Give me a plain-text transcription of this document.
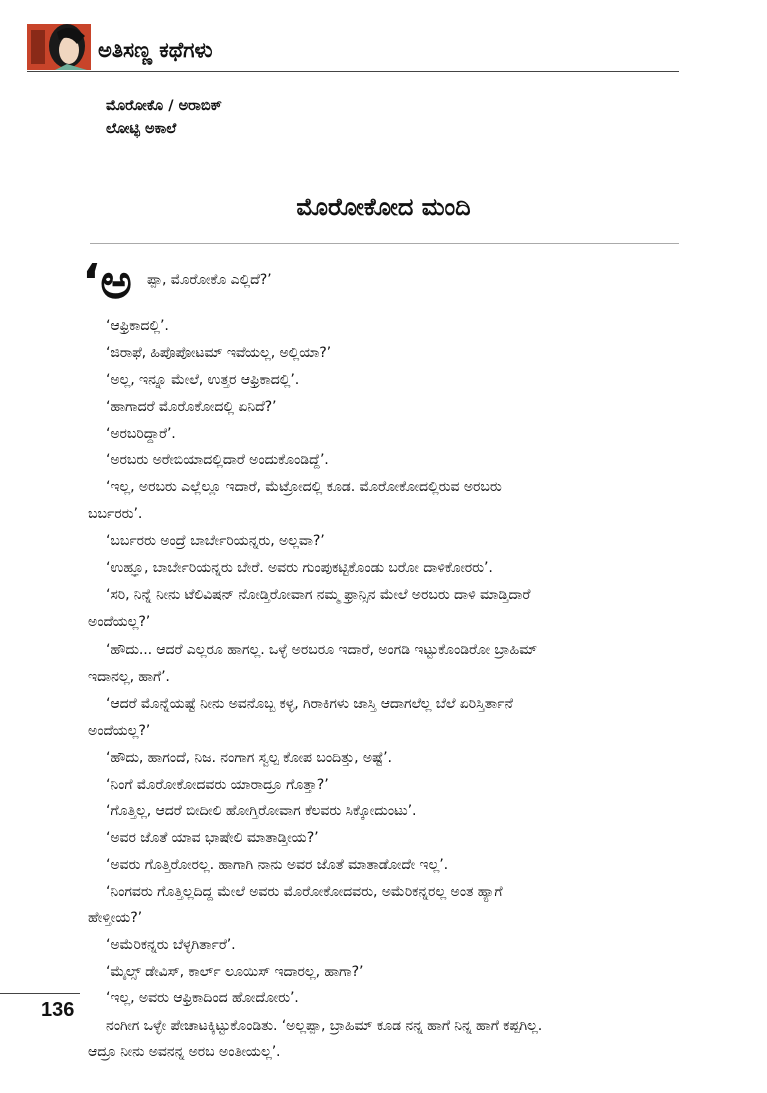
ಅತಿಸಣ್ಣ ಕಥೆಗಳು
ಮೊರೋಕೊ / ಅರಾಬಿಕ್
ಲೋಟ್ಫಿ ಅಕಾಲೆ
ಮೊರೋಕೋದ ಮಂದಿ
‘ಅ ಪ್ಪಾ, ಮೊರೋಕೊ ಎಲ್ಲಿದೆ?’
‘ಆಫ್ರಿಕಾದಲ್ಲಿ’.
‘ಜಿರಾಫೆ, ಹಿಪೊಪೋಟಮ್ ಇವೆಯಲ್ಲ, ಅಲ್ಲಿಯಾ?’
‘ಅಲ್ಲ, ಇನ್ನೂ ಮೇಲೆ, ಉತ್ತರ ಆಫ್ರಿಕಾದಲ್ಲಿ’.
‘ಹಾಗಾದರೆ ಮೊರೊಕೋದಲ್ಲಿ ಏನಿದೆ?’
‘ಅರಬರಿದ್ದಾರೆ’.
‘ಅರಬರು ಅರೇಬಿಯಾದಲ್ಲಿದಾರೆ ಅಂದುಕೊಂಡಿದ್ದೆ’.
‘ಇಲ್ಲ, ಅರಬರು ಎಲ್ಲೆಲ್ಲೂ ಇದಾರೆ, ಮೆಟ್ರೋದಲ್ಲಿ ಕೂಡ. ಮೊರೋಕೋದಲ್ಲಿರುವ ಅರಬರು
ಬರ್ಬರರು’.
‘ಬರ್ಬರರು ಅಂದ್ರೆ ಬಾರ್ಬೇರಿಯನ್ನರು, ಅಲ್ಲವಾ?’
‘ಉಹ್ಞೂ, ಬಾರ್ಬೇರಿಯನ್ನರು ಬೇರೆ. ಅವರು ಗುಂಪುಕಟ್ಟಿಕೊಂಡು ಬರೋ ದಾಳಿಕೋರರು’.
‘ಸರಿ, ನಿನ್ನೆ ನೀನು ಟೆಲಿವಿಷನ್ ನೋಡ್ತಿರೋವಾಗ ನಮ್ಮ ಫ್ರಾನ್ಸಿನ ಮೇಲೆ ಅರಬರು ದಾಳಿ ಮಾಡ್ತಿದಾರೆ
ಅಂದೆಯಲ್ಲ?’
‘ಹೌದು... ಆದರೆ ಎಲ್ಲರೂ ಹಾಗಲ್ಲ. ಒಳ್ಳೆ ಅರಬರೂ ಇದಾರೆ, ಅಂಗಡಿ ಇಟ್ಟುಕೊಂಡಿರೋ ಬ್ರಾಹಿಮ್
ಇದಾನಲ್ಲ, ಹಾಗೆ’.
‘ಆದರೆ ಮೊನ್ನೆಯಷ್ಟೆ ನೀನು ಅವನೊಬ್ಬ ಕಳ್ಳ, ಗಿರಾಕಿಗಳು ಜಾಸ್ತಿ ಆದಾಗಲೆಲ್ಲ ಬೆಲೆ ಏರಿಸ್ತಿರ್ತಾನೆ
ಅಂದೆಯಲ್ಲ?’
‘ಹೌದು, ಹಾಗಂದೆ, ನಿಜ. ನಂಗಾಗ ಸ್ವಲ್ಪ ಕೋಪ ಬಂದಿತ್ತು, ಅಷ್ಟೆ’.
‘ನಿಂಗೆ ಮೊರೋಕೋದವರು ಯಾರಾದ್ರೂ ಗೊತ್ತಾ?’
‘ಗೊತ್ತಿಲ್ಲ, ಆದರೆ ಬೀದೀಲಿ ಹೋಗ್ತಿರೋವಾಗ ಕೆಲವರು ಸಿಕ್ಕೋದುಂಟು’.
‘ಅವರ ಜೊತೆ ಯಾವ ಭಾಷೇಲಿ ಮಾತಾಡ್ತೀಯ?’
‘ಅವರು ಗೊತ್ತಿರೋರಲ್ಲ. ಹಾಗಾಗಿ ನಾನು ಅವರ ಜೊತೆ ಮಾತಾಡೋದೇ ಇಲ್ಲ’.
‘ನಿಂಗವರು ಗೊತ್ತಿಲ್ಲದಿದ್ದ ಮೇಲೆ ಅವರು ಮೊರೋಕೋದವರು, ಅಮೆರಿಕನ್ನರಲ್ಲ ಅಂತ ಹ್ಯಾಗೆ
ಹೇಳ್ತೀಯ?’
‘ಅಮೆರಿಕನ್ನರು ಬೆಳ್ಳಗಿರ್ತಾರೆ’.
‘ಮೈಲ್ಸ್ ಡೇವಿಸ್, ಕಾರ್ಲ್ ಲೂಯಿಸ್ ಇದಾರಲ್ಲ, ಹಾಗಾ?’
‘ಇಲ್ಲ, ಅವರು ಆಫ್ರಿಕಾದಿಂದ ಹೋದೋರು’.
ನಂಗೀಗ ಒಳ್ಳೇ ಪೇಚಾಟಕ್ಕಿಟ್ಟುಕೊಂಡಿತು. ‘ಅಲ್ಲಪ್ಪಾ, ಬ್ರಾಹಿಮ್ ಕೂಡ ನನ್ನ ಹಾಗೆ ನಿನ್ನ ಹಾಗೆ ಕಪ್ಪಗಿಲ್ಲ.
ಆದ್ರೂ ನೀನು ಅವನನ್ನ ಅರಬ ಅಂತೀಯಲ್ಲ’.
136
